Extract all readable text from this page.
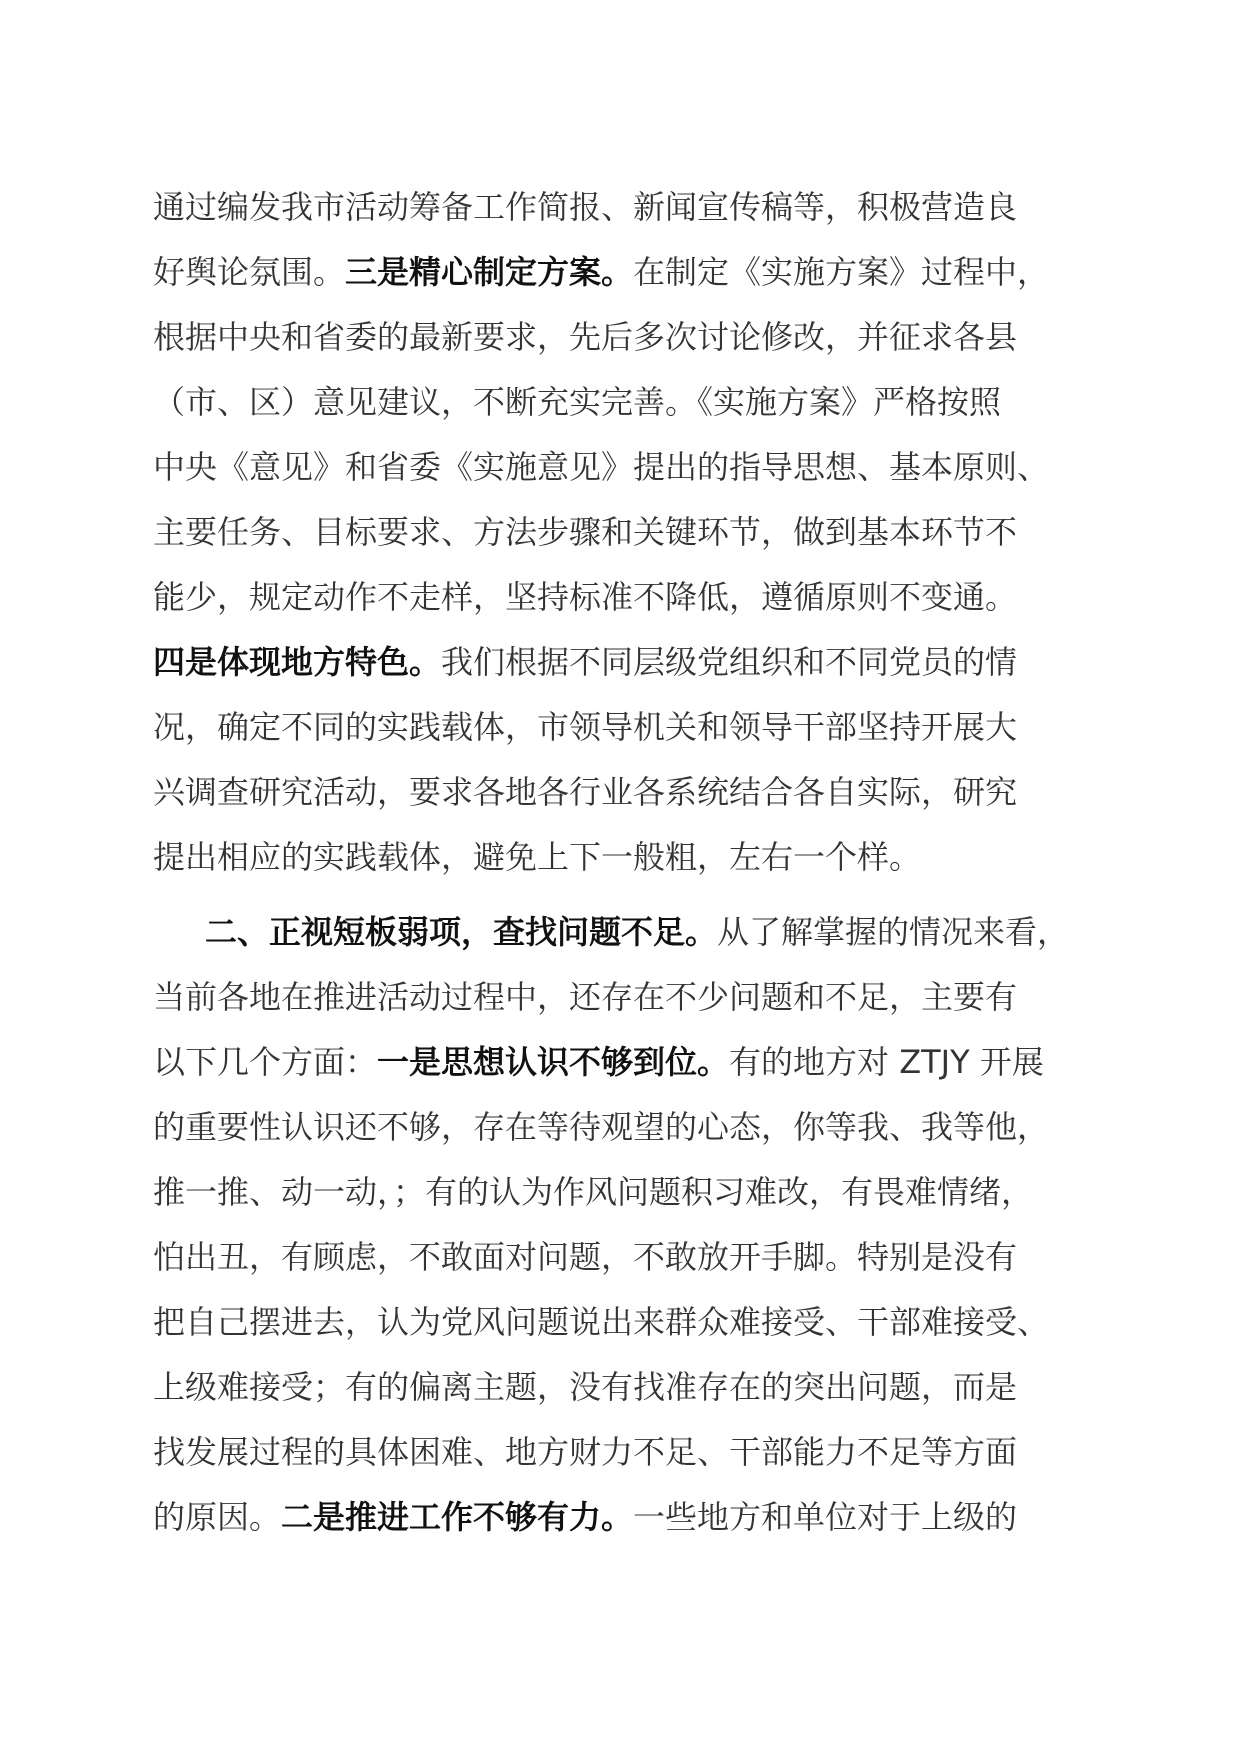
通过编发我市活动筹备工作简报、新闻宣传稿等，积极营造良
好舆论氛围。三是精心制定方案。在制定《实施方案》过程中，
根据中央和省委的最新要求，先后多次讨论修改，并征求各县
（市、区）意见建议，不断充实完善。《实施方案》严格按照
中央《意见》和省委《实施意见》提出的指导思想、基本原则、
主要任务、目标要求、方法步骤和关键环节，做到基本环节不
能少，规定动作不走样，坚持标准不降低，遵循原则不变通。
四是体现地方特色。我们根据不同层级党组织和不同党员的情
况，确定不同的实践载体，市领导机关和领导干部坚持开展大
兴调查研究活动，要求各地各行业各系统结合各自实际，研究
提出相应的实践载体，避免上下一般粗，左右一个样。
二、正视短板弱项，查找问题不足。从了解掌握的情况来看，
当前各地在推进活动过程中，还存在不少问题和不足，主要有
以下几个方面：一是思想认识不够到位。有的地方对 ZTJY 开展
的重要性认识还不够，存在等待观望的心态，你等我、我等他，
推一推、动一动，；有的认为作风问题积习难改，有畏难情绪，
怕出丑，有顾虑，不敢面对问题，不敢放开手脚。特别是没有
把自己摆进去，认为党风问题说出来群众难接受、干部难接受、
上级难接受；有的偏离主题，没有找准存在的突出问题，而是
找发展过程的具体困难、地方财力不足、干部能力不足等方面
的原因。二是推进工作不够有力。一些地方和单位对于上级的
